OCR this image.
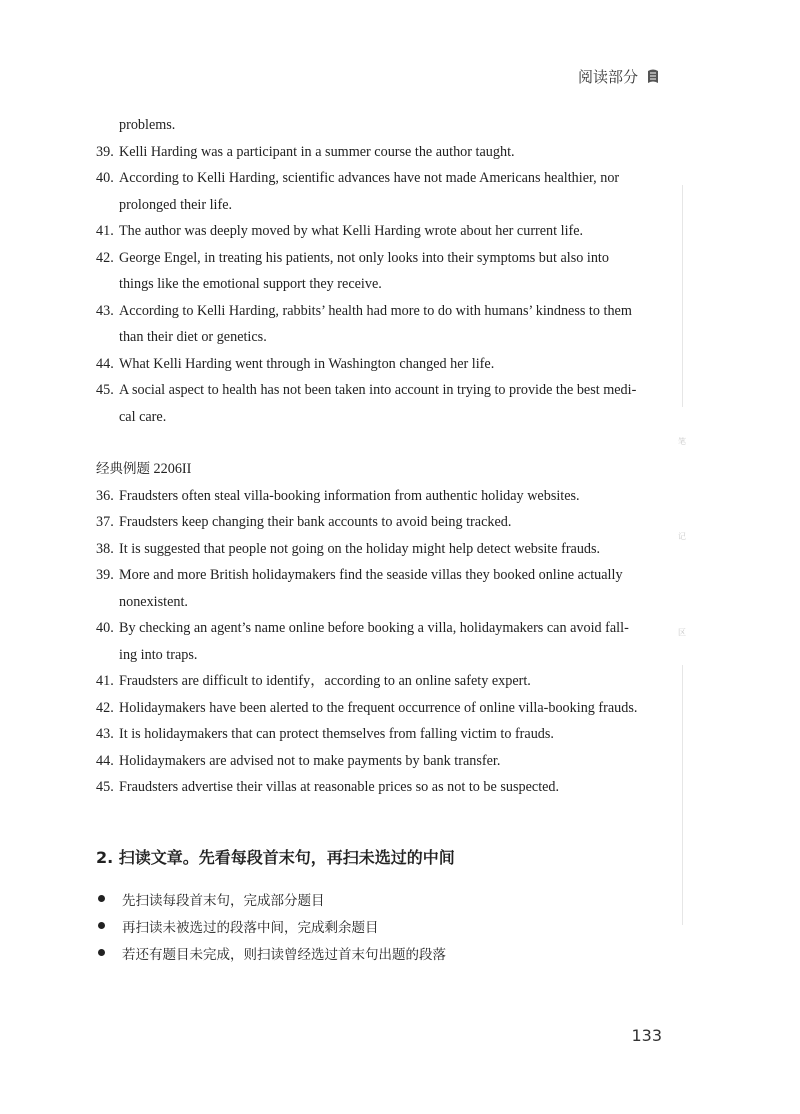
阅读部分
problems.
39. Kelli Harding was a participant in a summer course the author taught.
40. According to Kelli Harding, scientific advances have not made Americans healthier, nor
prolonged their life.
41. The author was deeply moved by what Kelli Harding wrote about her current life.
42. George Engel, in treating his patients, not only looks into their symptoms but also into
things like the emotional support they receive.
43. According to Kelli Harding, rabbits’ health had more to do with humans’ kindness to them
than their diet or genetics.
44. What Kelli Harding went through in Washington changed her life.
45. A social aspect to health has not been taken into account in trying to provide the best medi-
cal care.
经典例题 2206II
36. Fraudsters often steal villa-booking information from authentic holiday websites.
37. Fraudsters keep changing their bank accounts to avoid being tracked.
38. It is suggested that people not going on the holiday might help detect website frauds.
39. More and more British holidaymakers find the seaside villas they booked online actually
nonexistent.
40. By checking an agent’s name online before booking a villa, holidaymakers can avoid fall-
ing into traps.
41. Fraudsters are difficult to identify，according to an online safety expert.
42. Holidaymakers have been alerted to the frequent occurrence of online villa-booking frauds.
43. It is holidaymakers that can protect themselves from falling victim to frauds.
44. Holidaymakers are advised not to make payments by bank transfer.
45. Fraudsters advertise their villas at reasonable prices so as not to be suspected.
2. 扫读文章。先看每段首末句，再扫未选过的中间
先扫读每段首末句，完成部分题目
再扫读未被选过的段落中间，完成剩余题目
若还有题目未完成，则扫读曾经选过首末句出题的段落
笔
记
区
133
